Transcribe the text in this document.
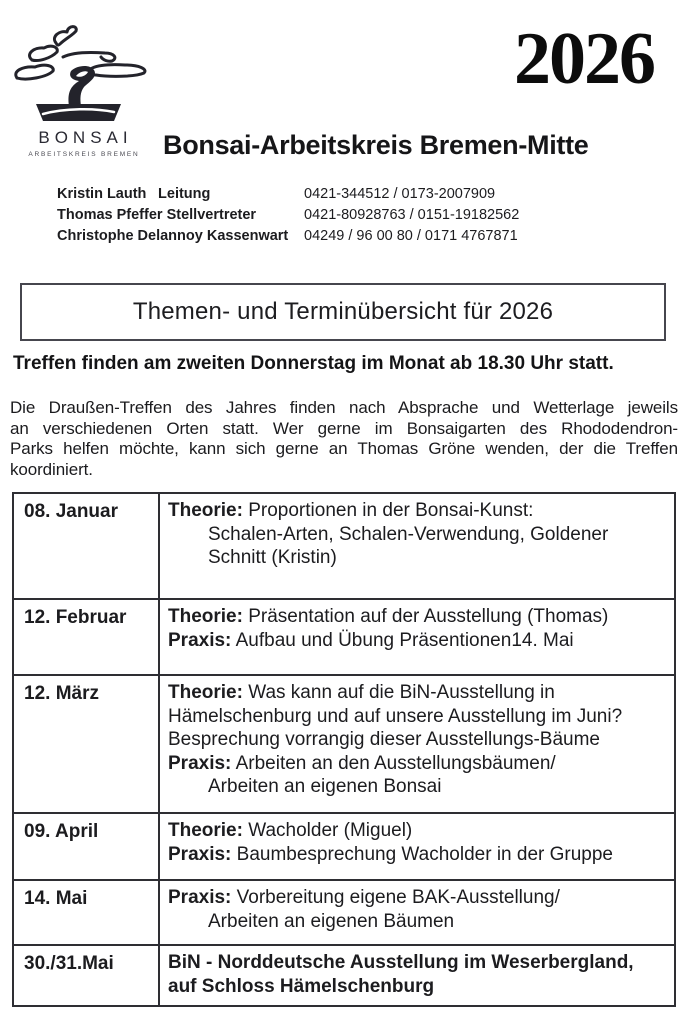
BONSAI
ARBEITSKREIS BREMEN
2026
Bonsai-Arbeitskreis Bremen-Mitte
Kristin Lauth Leitung	0421-344512 / 0173-2007909
Thomas Pfeffer Stellvertreter	0421-80928763 / 0151-19182562
Christophe Delannoy Kassenwart 04249 / 96 00 80 / 0171 4767871
Themen- und Terminübersicht für 2026
Treffen finden am zweiten Donnerstag im Monat ab 18.30 Uhr statt.
Die Draußen-Treffen des Jahres finden nach Absprache und Wetterlage jeweils
an verschiedenen Orten statt. Wer gerne im Bonsaigarten des Rhododendron-
Parks helfen möchte, kann sich gerne an Thomas Gröne wenden, der die Treffen
koordiniert.
08. Januar	Theorie: Proportionen in der Bonsai-Kunst:
Schalen-Arten, Schalen-Verwendung, Goldener
Schnitt (Kristin)
12. Februar	Theorie: Präsentation auf der Ausstellung (Thomas)
Praxis: Aufbau und Übung Präsentionen14. Mai
12. März	Theorie: Was kann auf die BiN-Ausstellung in
Hämelschenburg und auf unsere Ausstellung im Juni?
Besprechung vorrangig dieser Ausstellungs-Bäume
Praxis: Arbeiten an den Ausstellungsbäumen/
Arbeiten an eigenen Bonsai
09. April	Theorie: Wacholder (Miguel)
Praxis: Baumbesprechung Wacholder in der Gruppe
14. Mai	Praxis: Vorbereitung eigene BAK-Ausstellung/
Arbeiten an eigenen Bäumen
30./31.Mai	BiN - Norddeutsche Ausstellung im Weserbergland,
auf Schloss Hämelschenburg
